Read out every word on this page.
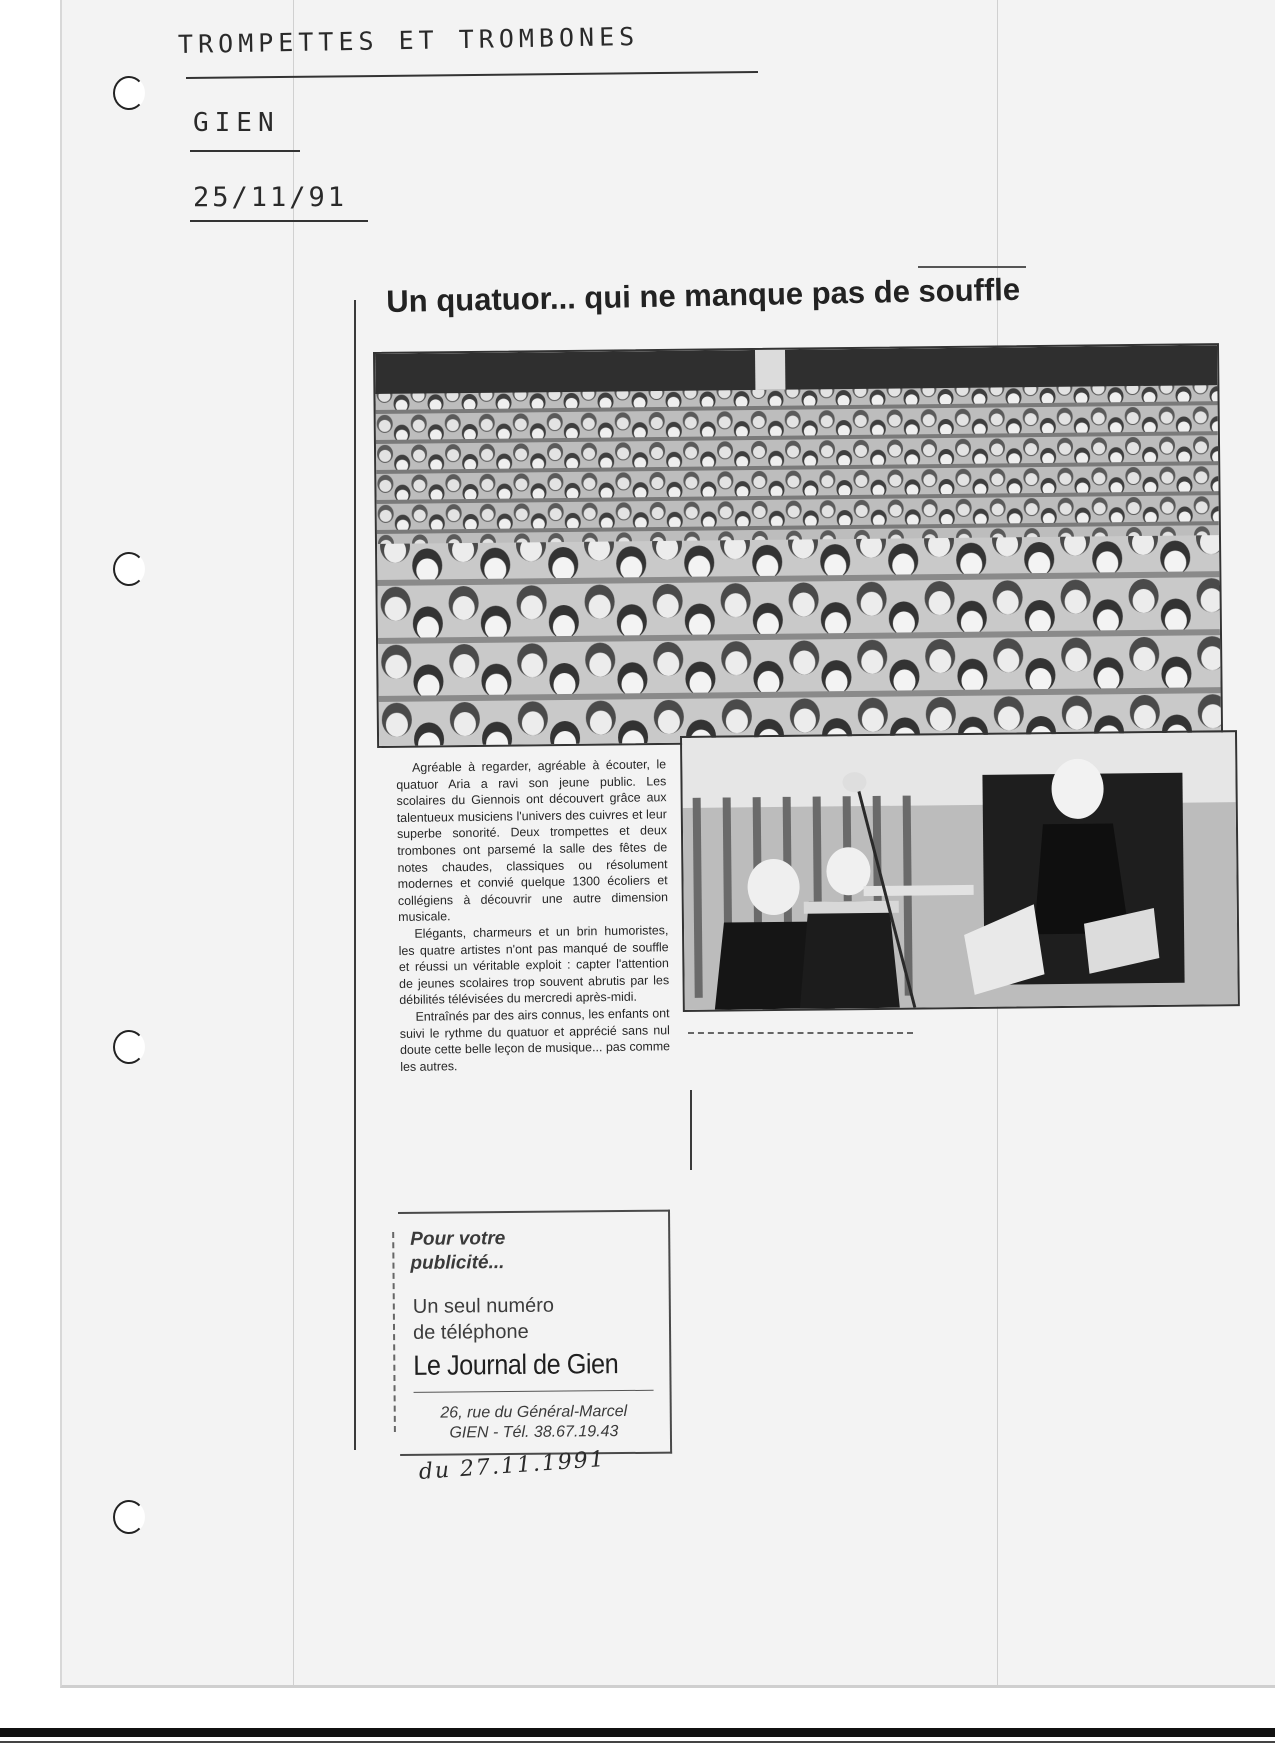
TROMPETTES ET TROMBONES
GIEN
25/11/91
Un quatuor... qui ne manque pas de souffle

Agréable à regarder, agréable à écouter, le quatuor Aria a ravi son jeune public. Les scolaires du Giennois ont découvert grâce aux talentueux musiciens l'univers des cuivres et leur superbe sonorité. Deux trompettes et deux trombones ont parsemé la salle des fêtes de notes chaudes, classiques ou résolument modernes et convié quelque 1300 écoliers et collégiens à découvrir une autre dimension musicale.

Elégants, charmeurs et un brin humoristes, les quatre artistes n'ont pas manqué de souffle et réussi un véritable exploit : capter l'attention de jeunes scolaires trop souvent abrutis par les débilités télévisées du mercredi après-midi.

Entraînés par des airs connus, les enfants ont suivi le rythme du quatuor et apprécié sans nul doute cette belle leçon de musique... pas comme les autres.

Pour votre
publicité...
Un seul numéro
de téléphone
Le Journal de Gien
26, rue du Général-Marcel
GIEN - Tél. 38.67.19.43
du 27.11.1991
